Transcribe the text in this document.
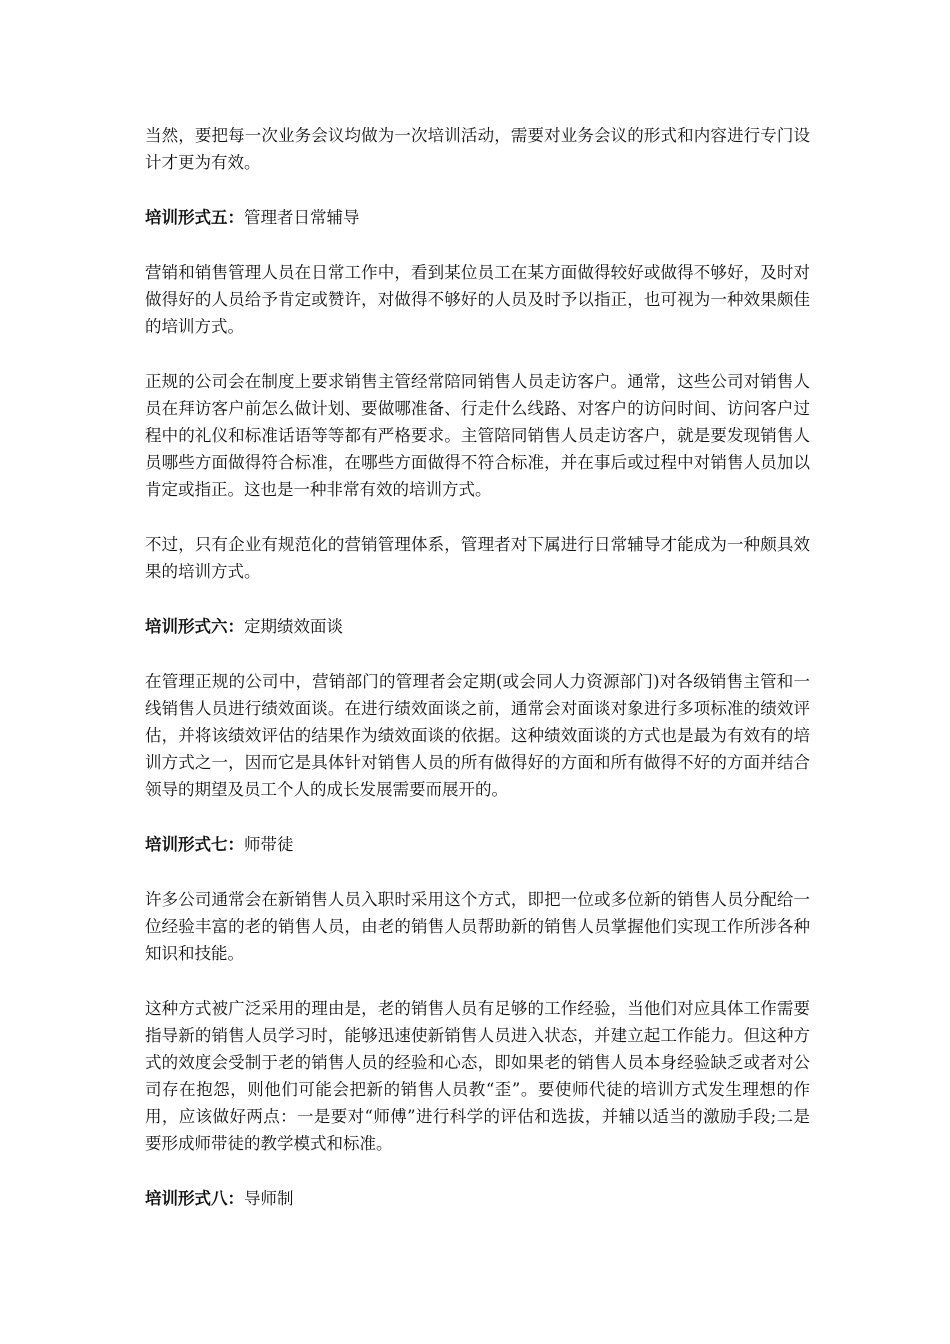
当然，要把每一次业务会议均做为一次培训活动，需要对业务会议的形式和内容进行专门设计才更为有效。

培训形式五：管理者日常辅导

营销和销售管理人员在日常工作中，看到某位员工在某方面做得较好或做得不够好，及时对做得好的人员给予肯定或赞许，对做得不够好的人员及时予以指正，也可视为一种效果颇佳的培训方式。

正规的公司会在制度上要求销售主管经常陪同销售人员走访客户。通常，这些公司对销售人员在拜访客户前怎么做计划、要做哪准备、行走什么线路、对客户的访问时间、访问客户过程中的礼仪和标准话语等等都有严格要求。主管陪同销售人员走访客户，就是要发现销售人员哪些方面做得符合标准，在哪些方面做得不符合标准，并在事后或过程中对销售人员加以肯定或指正。这也是一种非常有效的培训方式。

不过，只有企业有规范化的营销管理体系，管理者对下属进行日常辅导才能成为一种颇具效果的培训方式。

培训形式六：定期绩效面谈

在管理正规的公司中，营销部门的管理者会定期(或会同人力资源部门)对各级销售主管和一线销售人员进行绩效面谈。在进行绩效面谈之前，通常会对面谈对象进行多项标准的绩效评估，并将该绩效评估的结果作为绩效面谈的依据。这种绩效面谈的方式也是最为有效有的培训方式之一，因而它是具体针对销售人员的所有做得好的方面和所有做得不好的方面并结合领导的期望及员工个人的成长发展需要而展开的。

培训形式七：师带徒

许多公司通常会在新销售人员入职时采用这个方式，即把一位或多位新的销售人员分配给一位经验丰富的老的销售人员，由老的销售人员帮助新的销售人员掌握他们实现工作所涉各种知识和技能。

这种方式被广泛采用的理由是，老的销售人员有足够的工作经验，当他们对应具体工作需要指导新的销售人员学习时，能够迅速使新销售人员进入状态，并建立起工作能力。但这种方式的效度会受制于老的销售人员的经验和心态，即如果老的销售人员本身经验缺乏或者对公司存在抱怨，则他们可能会把新的销售人员教“歪”。要使师代徒的培训方式发生理想的作用，应该做好两点：一是要对“师傅”进行科学的评估和选拔，并辅以适当的激励手段;二是要形成师带徒的教学模式和标准。

培训形式八：导师制
